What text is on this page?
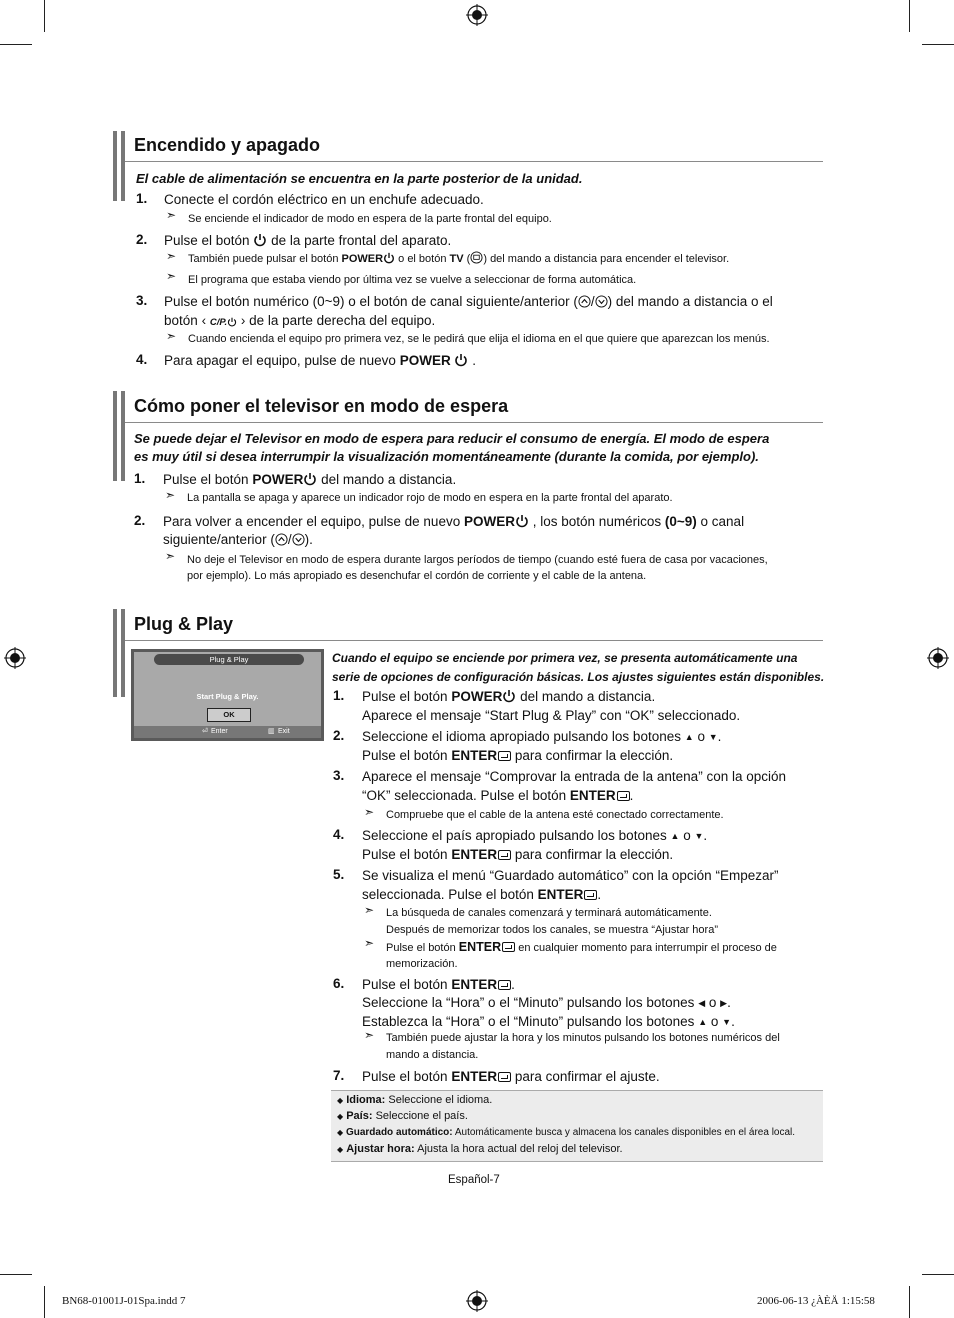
Encendido y apagado
El cable de alimentación se encuentra en la parte posterior de la unidad.
1. Conecte el cordón eléctrico en un enchufe adecuado.
➣ Se enciende el indicador de modo en espera de la parte frontal del equipo.
2. Pulse el botón de la parte frontal del aparato.
➣ También puede pulsar el botón POWER o el botón TV ( ) del mando a distancia para encender el televisor.
➣ El programa que estaba viendo por última vez se vuelve a seleccionar de forma automática.
3. Pulse el botón numérico (0~9) o el botón de canal siguiente/anterior ( / ) del mando a distancia o el
botón ‹ C/P. › de la parte derecha del equipo.
➣ Cuando encienda el equipo pro primera vez, se le pedirá que elija el idioma en el que quiere que aparezcan los menús.
4. Para apagar el equipo, pulse de nuevo POWER .
Cómo poner el televisor en modo de espera
Se puede dejar el Televisor en modo de espera para reducir el consumo de energía. El modo de espera
es muy útil si desea interrumpir la visualización momentáneamente (durante la comida, por ejemplo).
1. Pulse el botón POWER del mando a distancia.
➣ La pantalla se apaga y aparece un indicador rojo de modo en espera en la parte frontal del aparato.
2. Para volver a encender el equipo, pulse de nuevo POWER , los botón numéricos (0~9) o canal
siguiente/anterior ( / ).
➣ No deje el Televisor en modo de espera durante largos períodos de tiempo (cuando esté fuera de casa por vacaciones,
por ejemplo). Lo más apropiado es desenchufar el cordón de corriente y el cable de la antena.
Plug & Play
Plug & Play
Start Plug & Play.
OK
⏎ Enter	▥ Exit
Cuando el equipo se enciende por primera vez, se presenta automáticamente una
serie de opciones de configuración básicas. Los ajustes siguientes están disponibles.
1. Pulse el botón POWER del mando a distancia.
Aparece el mensaje “Start Plug & Play” con “OK” seleccionado.
2. Seleccione el idioma apropiado pulsando los botones ▲ o ▼.
Pulse el botón ENTER para confirmar la elección.
3. Aparece el mensaje “Comprovar la entrada de la antena” con la opción
“OK” seleccionada. Pulse el botón ENTER .
➣ Compruebe que el cable de la antena esté conectado correctamente.
4. Seleccione el país apropiado pulsando los botones ▲ o ▼.
Pulse el botón ENTER para confirmar la elección.
5. Se visualiza el menú “Guardado automático” con la opción “Empezar”
seleccionada. Pulse el botón ENTER .
➣ La búsqueda de canales comenzará y terminará automáticamente.
Después de memorizar todos los canales, se muestra “Ajustar hora”
➣ Pulse el botón ENTER en cualquier momento para interrumpir el proceso de
memorización.
6. Pulse el botón ENTER .
Seleccione la “Hora” o el “Minuto” pulsando los botones ◀ o ▶.
Establezca la “Hora” o el “Minuto” pulsando los botones ▲ o ▼.
➣ También puede ajustar la hora y los minutos pulsando los botones numéricos del
mando a distancia.
7. Pulse el botón ENTER para confirmar el ajuste.
◆ Idioma: Seleccione el idioma.
◆ País: Seleccione el país.
◆ Guardado automático: Automáticamente busca y almacena los canales disponibles en el área local.
◆ Ajustar hora: Ajusta la hora actual del reloj del televisor.
Español-7
BN68-01001J-01Spa.indd 7	2006-06-13 ¿ÀÈÄ 1:15:58
